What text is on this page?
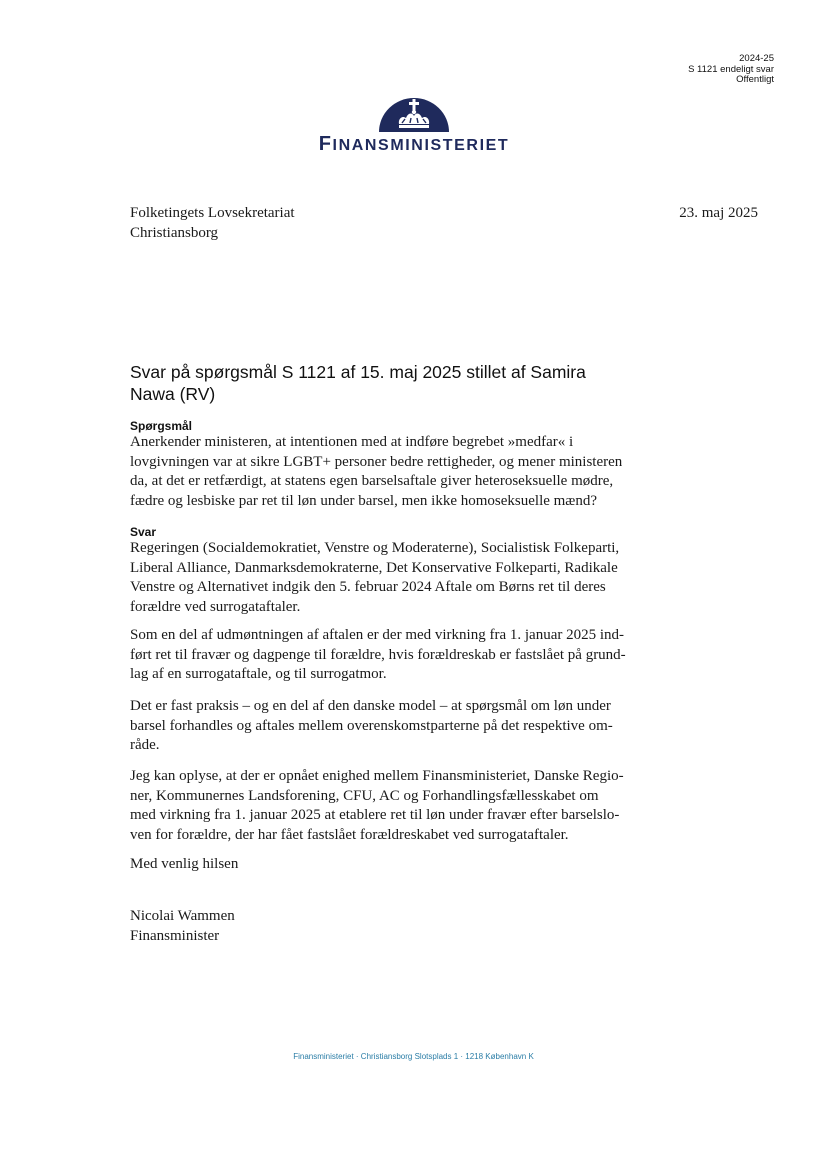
2024-25
S 1121 endeligt svar
Offentligt
FINANSMINISTERIET
Folketingets Lovsekretariat
Christiansborg
23. maj 2025
Svar på spørgsmål S 1121 af 15. maj 2025 stillet af Samira Nawa (RV)
Spørgsmål
Anerkender ministeren, at intentionen med at indføre begrebet »medfar« i
lovgivningen var at sikre LGBT+ personer bedre rettigheder, og mener ministeren
da, at det er retfærdigt, at statens egen barselsaftale giver heteroseksuelle mødre,
fædre og lesbiske par ret til løn under barsel, men ikke homoseksuelle mænd?
Svar
Regeringen (Socialdemokratiet, Venstre og Moderaterne), Socialistisk Folkeparti,
Liberal Alliance, Danmarksdemokraterne, Det Konservative Folkeparti, Radikale
Venstre og Alternativet indgik den 5. februar 2024 Aftale om Børns ret til deres
forældre ved surrogataftaler.
Som en del af udmøntningen af aftalen er der med virkning fra 1. januar 2025 ind-
ført ret til fravær og dagpenge til forældre, hvis forældreskab er fastslået på grund-
lag af en surrogataftale, og til surrogatmor.
Det er fast praksis – og en del af den danske model – at spørgsmål om løn under
barsel forhandles og aftales mellem overenskomstparterne på det respektive om-
råde.
Jeg kan oplyse, at der er opnået enighed mellem Finansministeriet, Danske Regio-
ner, Kommunernes Landsforening, CFU, AC og Forhandlingsfællesskabet om
med virkning fra 1. januar 2025 at etablere ret til løn under fravær efter barselslo-
ven for forældre, der har fået fastslået forældreskabet ved surrogataftaler.
Med venlig hilsen
Nicolai Wammen
Finansminister
Finansministeriet · Christiansborg Slotsplads 1 · 1218 København K
